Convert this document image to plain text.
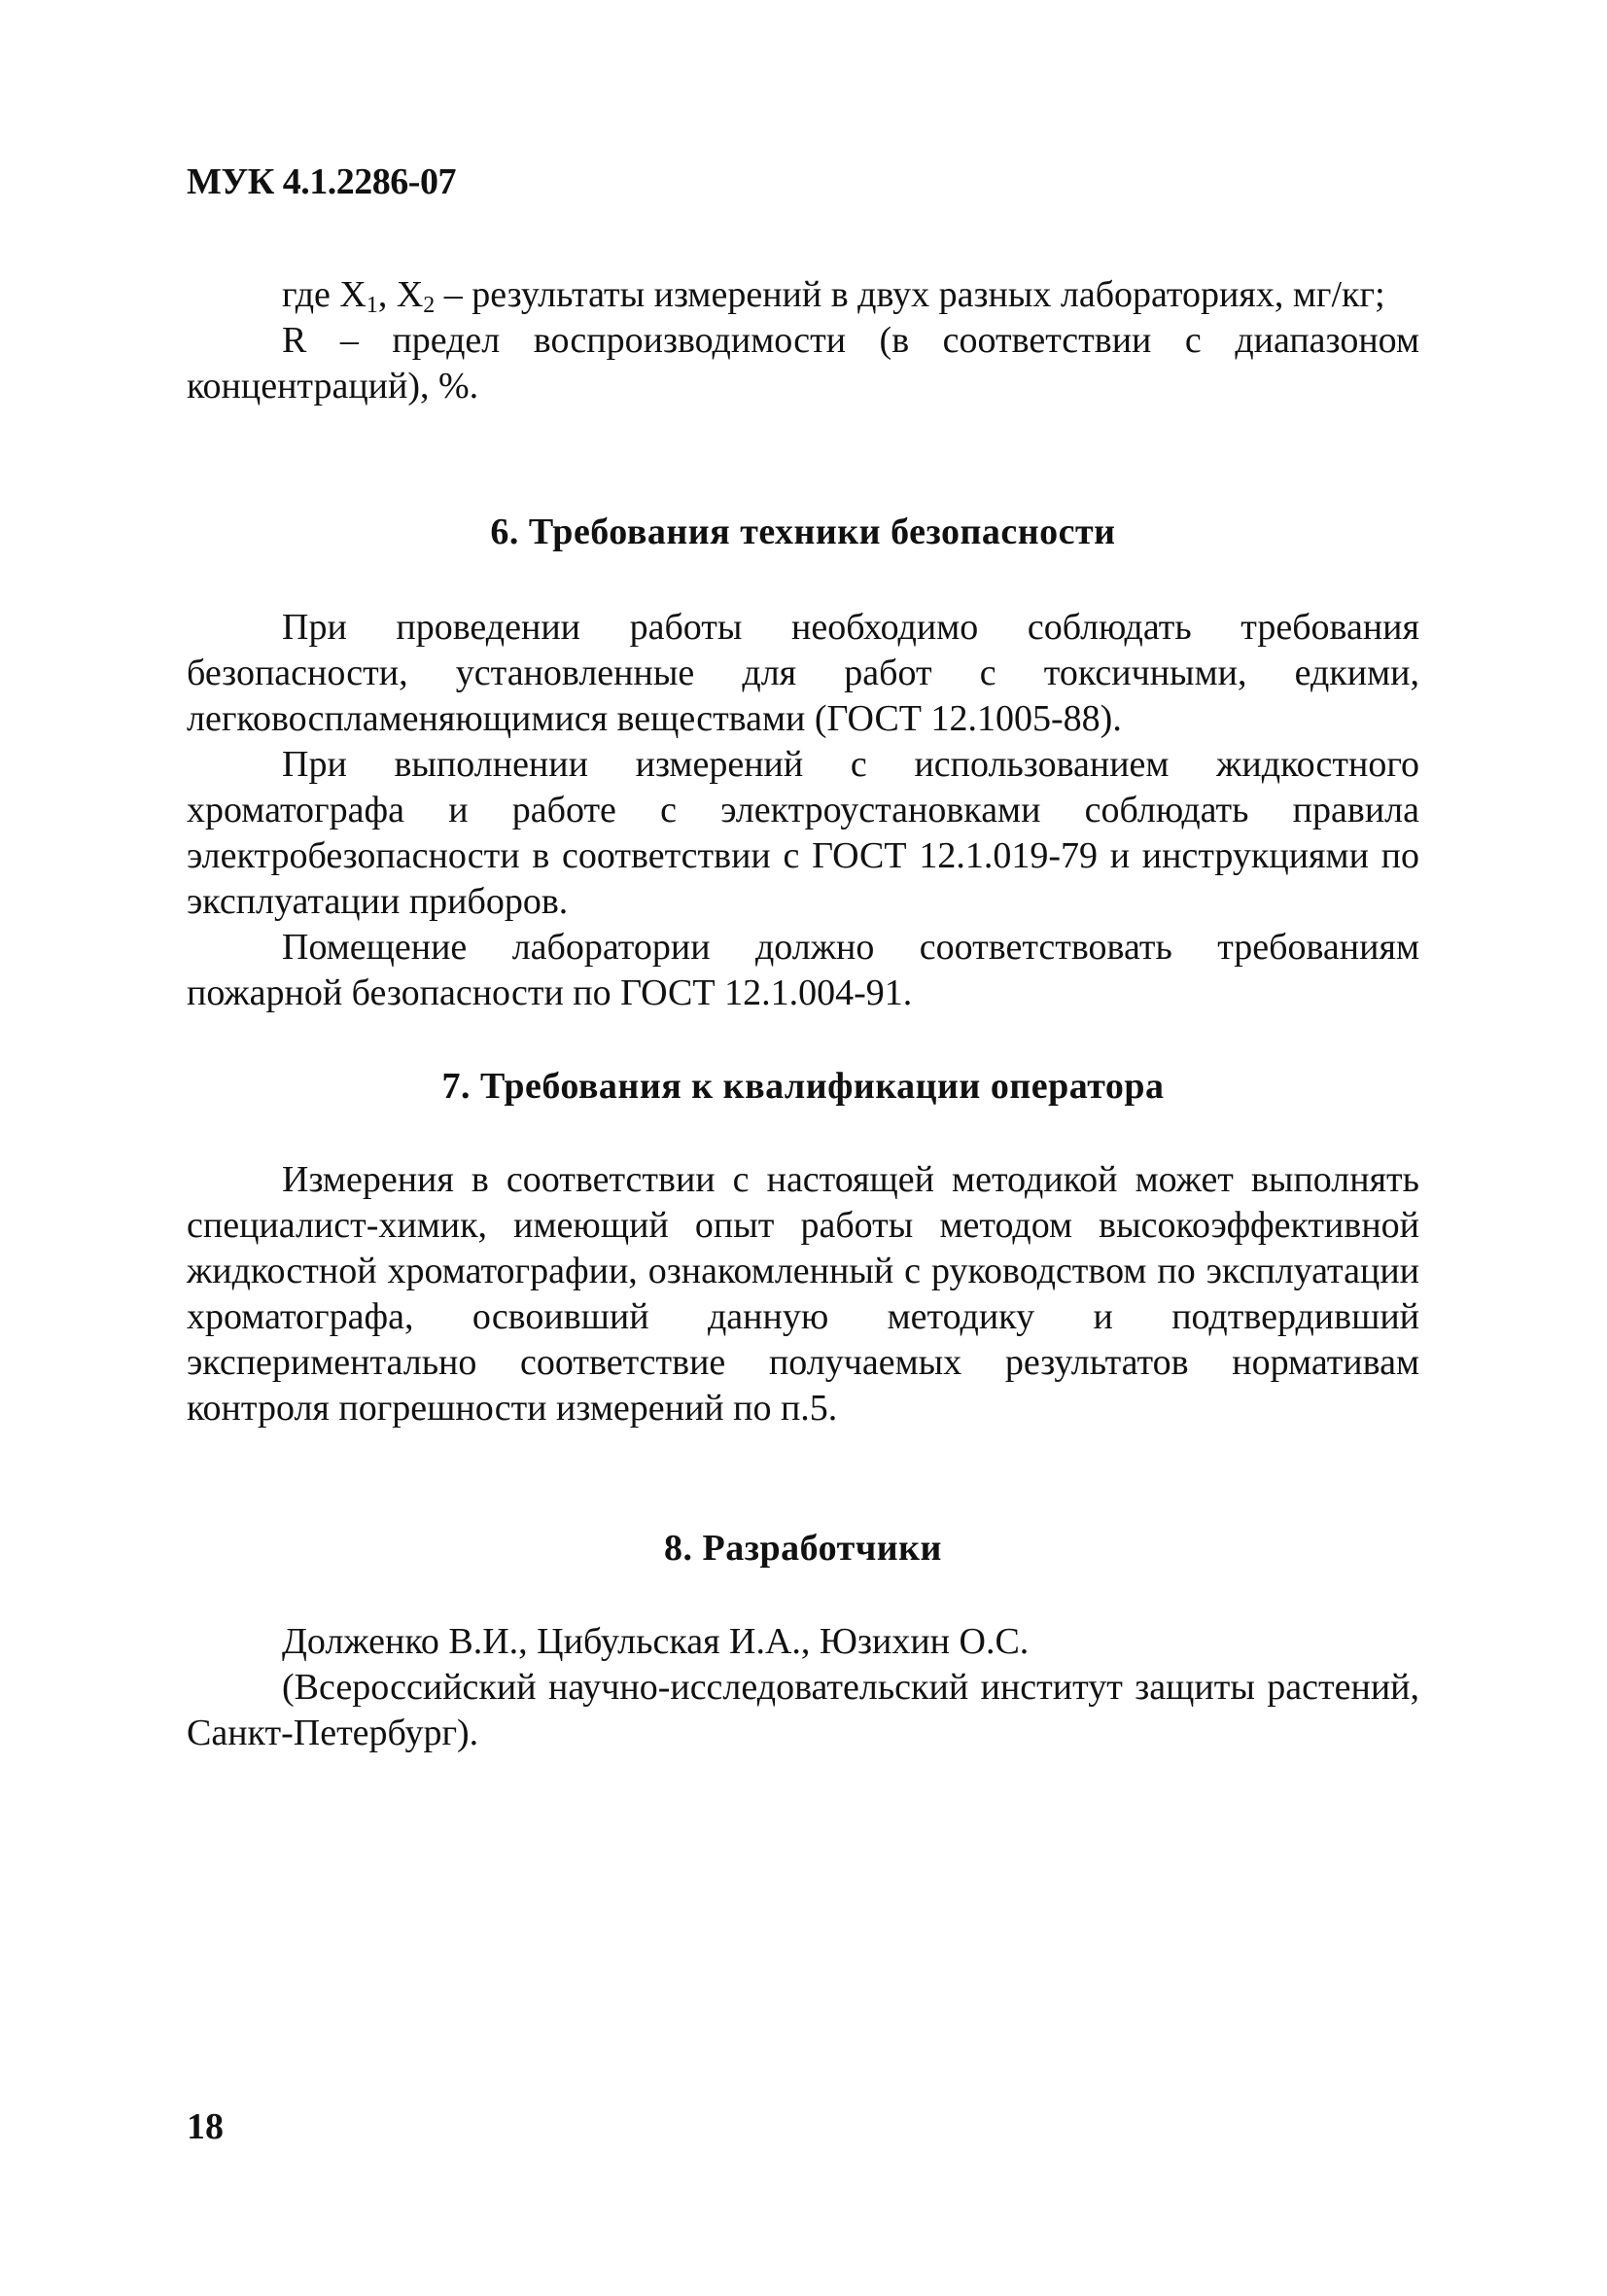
МУК 4.1.2286-07

где $X_1$, $X_2$ – результаты измерений в двух разных лабораториях, мг/кг;

R – предел воспроизводимости (в соответствии с диапазоном концентраций), %.

6. Требования техники безопасности

При проведении работы необходимо соблюдать требования безопасности, установленные для работ с токсичными, едкими, легковоспламеняющимися веществами (ГОСТ 12.1005-88).

При выполнении измерений с использованием жидкостного хроматографа и работе с электроустановками соблюдать правила электробезопасности в соответствии с ГОСТ 12.1.019-79 и инструкциями по эксплуатации приборов.

Помещение лаборатории должно соответствовать требованиям пожарной безопасности по ГОСТ 12.1.004-91.

7. Требования к квалификации оператора

Измерения в соответствии с настоящей методикой может выполнять специалист-химик, имеющий опыт работы методом высокоэффективной жидкостной хроматографии, ознакомленный с руководством по эксплуатации хроматографа, освоивший данную методику и подтвердивший экспериментально соответствие получаемых результатов нормативам контроля погрешности измерений по п.5.

8. Разработчики

Долженко В.И., Цибульская И.А., Юзихин О.С.

(Всероссийский научно-исследовательский институт защиты растений, Санкт-Петербург).

18
